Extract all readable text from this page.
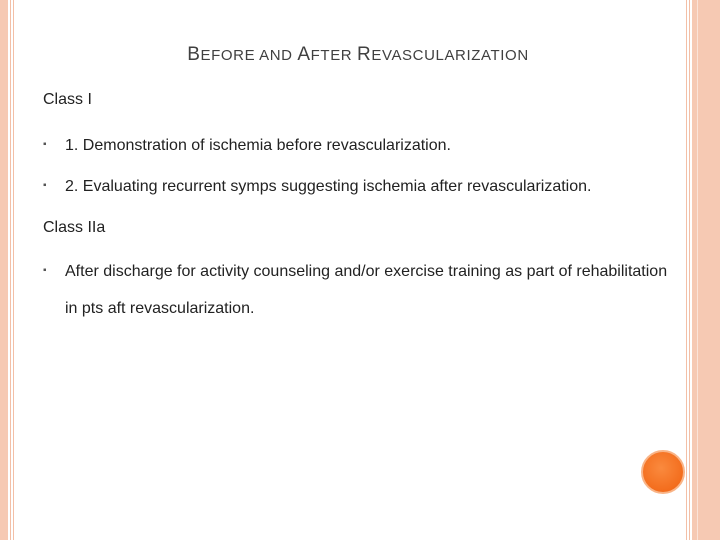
BEFORE AND AFTER REVASCULARIZATION
Class I
▪ 1. Demonstration of ischemia before revascularization.
▪ 2. Evaluating recurrent symps suggesting ischemia after revascularization.
Class IIa
▪ After discharge for activity counseling and/or exercise training as part of rehabilitation in pts aft revascularization.
